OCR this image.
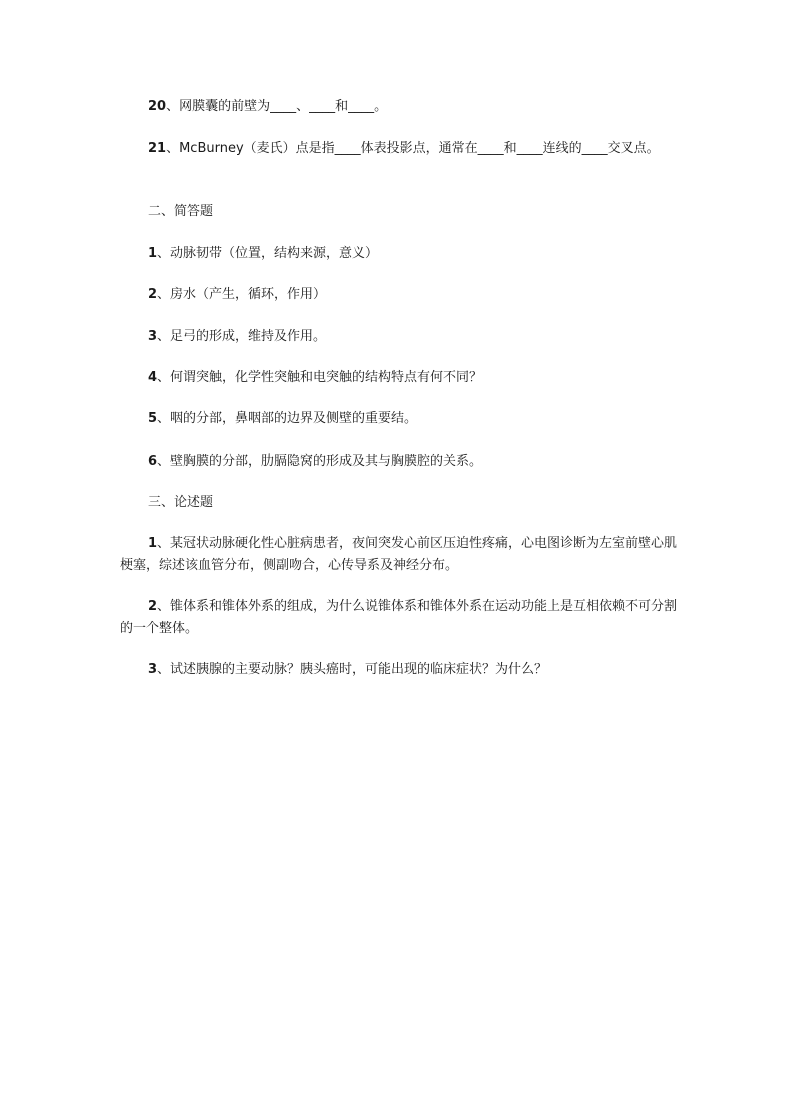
20、网膜囊的前壁为____、____和____。
21、McBurney（麦氏）点是指____体表投影点，通常在____和____连线的____交叉点。
二、简答题
1、动脉韧带（位置，结构来源，意义）
2、房水（产生，循环，作用）
3、足弓的形成，维持及作用。
4、何谓突触，化学性突触和电突触的结构特点有何不同？
5、咽的分部，鼻咽部的边界及侧壁的重要结。
6、壁胸膜的分部，肋膈隐窝的形成及其与胸膜腔的关系。
三、论述题
1、某冠状动脉硬化性心脏病患者，夜间突发心前区压迫性疼痛，心电图诊断为左室前壁心肌梗塞，综述该血管分布，侧副吻合，心传导系及神经分布。
2、锥体系和锥体外系的组成，为什么说锥体系和锥体外系在运动功能上是互相依赖不可分割的一个整体。
3、试述胰腺的主要动脉？胰头癌时，可能出现的临床症状？为什么？
